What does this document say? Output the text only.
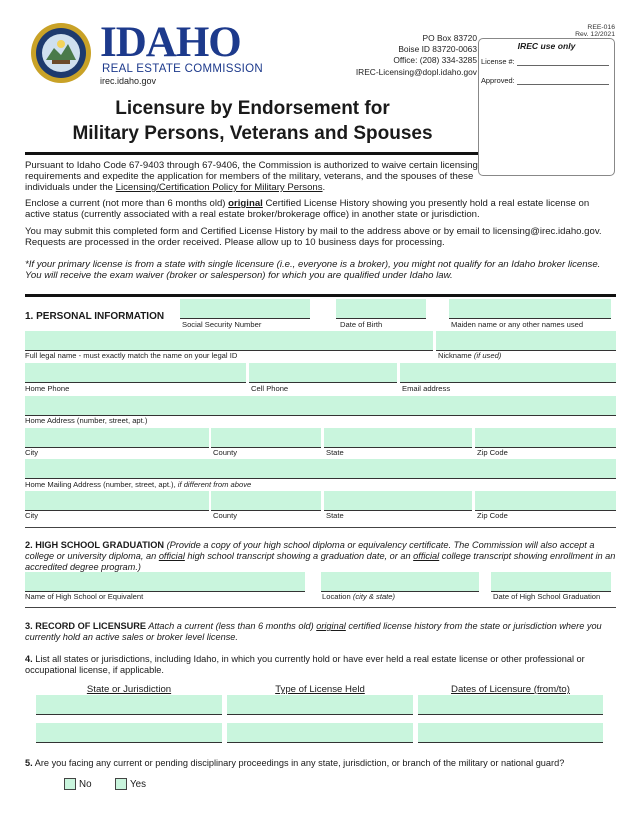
IDAHO
REAL ESTATE COMMISSION
irec.idaho.gov
PO Box 83720
Boise ID 83720-0063
Office: (208) 334-3285
IREC-Licensing@dopl.idaho.gov
REE-016
Rev. 12/2021
IREC use only
License #:
Approved:
Licensure by Endorsement for
Military Persons, Veterans and Spouses
Pursuant to Idaho Code 67-9403 through 67-9406, the Commission is authorized to waive certain licensing requirements and expedite the application for members of the military, veterans, and the spouses of these individuals under the Licensing/Certification Policy for Military Persons.
Enclose a current (not more than 6 months old) original Certified License History showing you presently hold a real estate license on active status (currently associated with a real estate broker/brokerage office) in another state or jurisdiction.
You may submit this completed form and Certified License History by mail to the address above or by email to licensing@irec.idaho.gov. Requests are processed in the order received. Please allow up to 10 business days for processing.
*If your primary license is from a state with single licensure (i.e., everyone is a broker), you might not qualify for an Idaho broker license. You will receive the exam waiver (broker or salesperson) for which you are qualified under Idaho law.
1. PERSONAL INFORMATION
Social Security Number	Date of Birth	Maiden name or any other names used
Full legal name - must exactly match the name on your legal ID	Nickname (if used)
Home Phone	Cell Phone	Email address
Home Address (number, street, apt.)
City	County	State	Zip Code
Home Mailing Address (number, street, apt.), if different from above
City	County	State	Zip Code
2. HIGH SCHOOL GRADUATION (Provide a copy of your high school diploma or equivalency certificate. The Commission will also accept a college or university diploma, an official high school transcript showing a graduation date, or an official college transcript showing enrollment in an accredited degree program.)
Name of High School or Equivalent	Location (city & state)	Date of High School Graduation
3. RECORD OF LICENSURE Attach a current (less than 6 months old) original certified license history from the state or jurisdiction where you currently hold an active sales or broker level license.
4. List all states or jurisdictions, including Idaho, in which you currently hold or have ever held a real estate license or other professional or occupational license, if applicable.
State or Jurisdiction	Type of License Held	Dates of Licensure (from/to)
5. Are you facing any current or pending disciplinary proceedings in any state, jurisdiction, or branch of the military or national guard?
No	Yes
